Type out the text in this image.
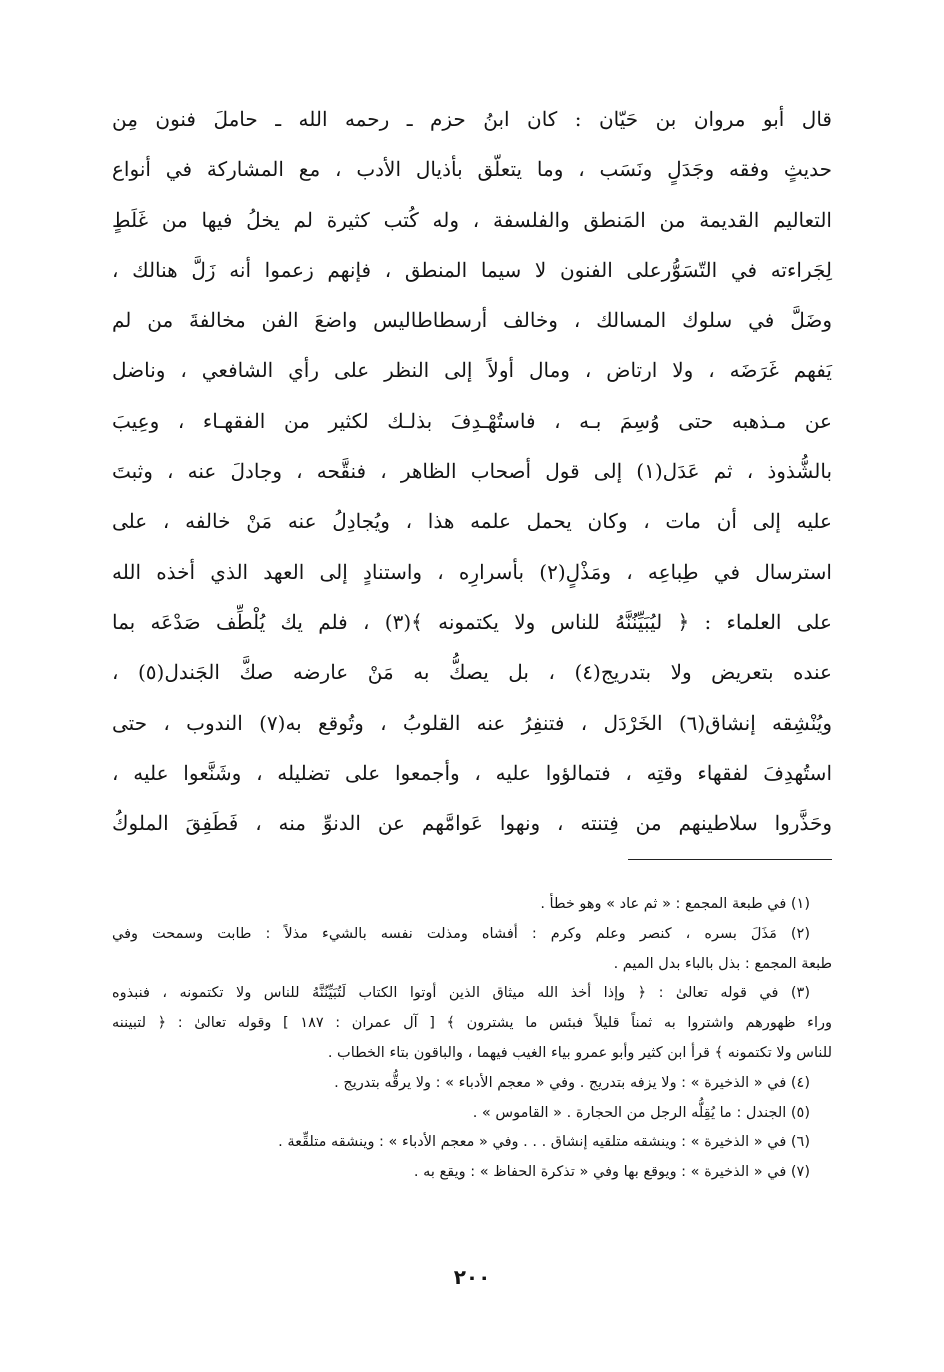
قال أبو مروان بن حَيّان : كان ابنُ حزم ـ رحمه الله ـ حاملَ فنون مِن
حديثٍ وفقه وجَدَلٍ ونَسَب ، وما يتعلّق بأذيال الأدب ، مع المشاركة في أنواع
التعاليم القديمة من المَنطق والفلسفة ، وله كُتب كثيرة لم يخلُ فيها من غَلَطٍ
لِجَراءته في التّسَوُّرعلى الفنون لا سيما المنطق ، فإنهم زعموا أنه زَلَّ هنالك ،
وضَلَّ في سلوك المسالك ، وخالف أرسطاطاليس واضعَ الفن مخالفةَ من لم
يَفهم غَرَضَه ، ولا ارتاض ، ومال أولاً إلى النظر على رأي الشافعي ، وناضل
عن مـذهبه حتى وُسِمَ بـه ، فاستُهْـدِفَ بذلـك لكثير من الفقهـاء ، وعِيبَ
بالشُّذوذ ، ثم عَدَل(١) إلى قول أصحاب الظاهر ، فنقَّحه ، وجادلَ عنه ، وثبتَ
عليه إلى أن مات ، وكان يحمل علمه هذا ، ويُجادِلُ عنه مَنْ خالفه ، على
استرسال في طِباعِه ، ومَذْلٍ(٢) بأسرارِه ، واستنادٍ إلى العهد الذي أخذه الله
على العلماء : ﴿ ليُبَيِّنُنَّهُ للناس ولا يكتمونه ﴾(٣) ، فلم يك يُلْطِّف صَدْعَه بما
عنده بتعريض ولا بتدريج(٤) ، بل يصكُّ به مَنْ عارضه صكَّ الجَندل(٥) ،
ويُنْشِقه إنشاق(٦) الخَرْدَل ، فتنفِرُ عنه القلوبُ ، وتُوقع به(٧) الندوب ، حتى
استُهدِفَ لفقهاء وقتِه ، فتمالؤوا عليه ، وأجمعوا على تضليله ، وشَنَّعوا عليه ،
وحَذَّروا سلاطينهم من فِتنته ، ونهوا عَوامَّهم عن الدنوِّ منه ، فَطَفِقَ الملوكُ
(١) في طبعة المجمع : « ثم عاد » وهو خطأ .
(٢) مَذَلَ بسره ، كنصر وعلم وكرم : أفشاه ومذلت نفسه بالشيء مذلاً : طابت وسمحت وفي
طبعة المجمع : بذل بالباء بدل الميم .
(٣) في قوله تعالىٰ : ﴿ وإذا أخذ الله ميثاق الذين أوتوا الكتاب لَتُبَيِّنُنَّهُ للناس ولا تكتمونه ، فنبذوه
وراء ظهورهم واشتروا به ثمناً قليلاً فبئس ما يشترون ﴾ [ آل عمران : ١٨٧ ] وقوله تعالىٰ : ﴿ لتبيننه
للناس ولا تكتمونه ﴾ قرأ ابن كثير وأبو عمرو بياء الغيب فيهما ، والباقون بتاء الخطاب .
(٤) في « الذخيرة » : ولا يزفه بتدريج . وفي « معجم الأدباء » : ولا يرقُّه بتدريج .
(٥) الجندل : ما يُقِلُّه الرجل من الحجارة . « القاموس » .
(٦) في « الذخيرة » : وينشقه متلقيه إنشاق . . . وفي « معجم الأدباء » : وينشقه متلقِّعة .
(٧) في « الذخيرة » : ويوقع بها وفي « تذكرة الحفاظ » : ويقع به .
٢٠٠
